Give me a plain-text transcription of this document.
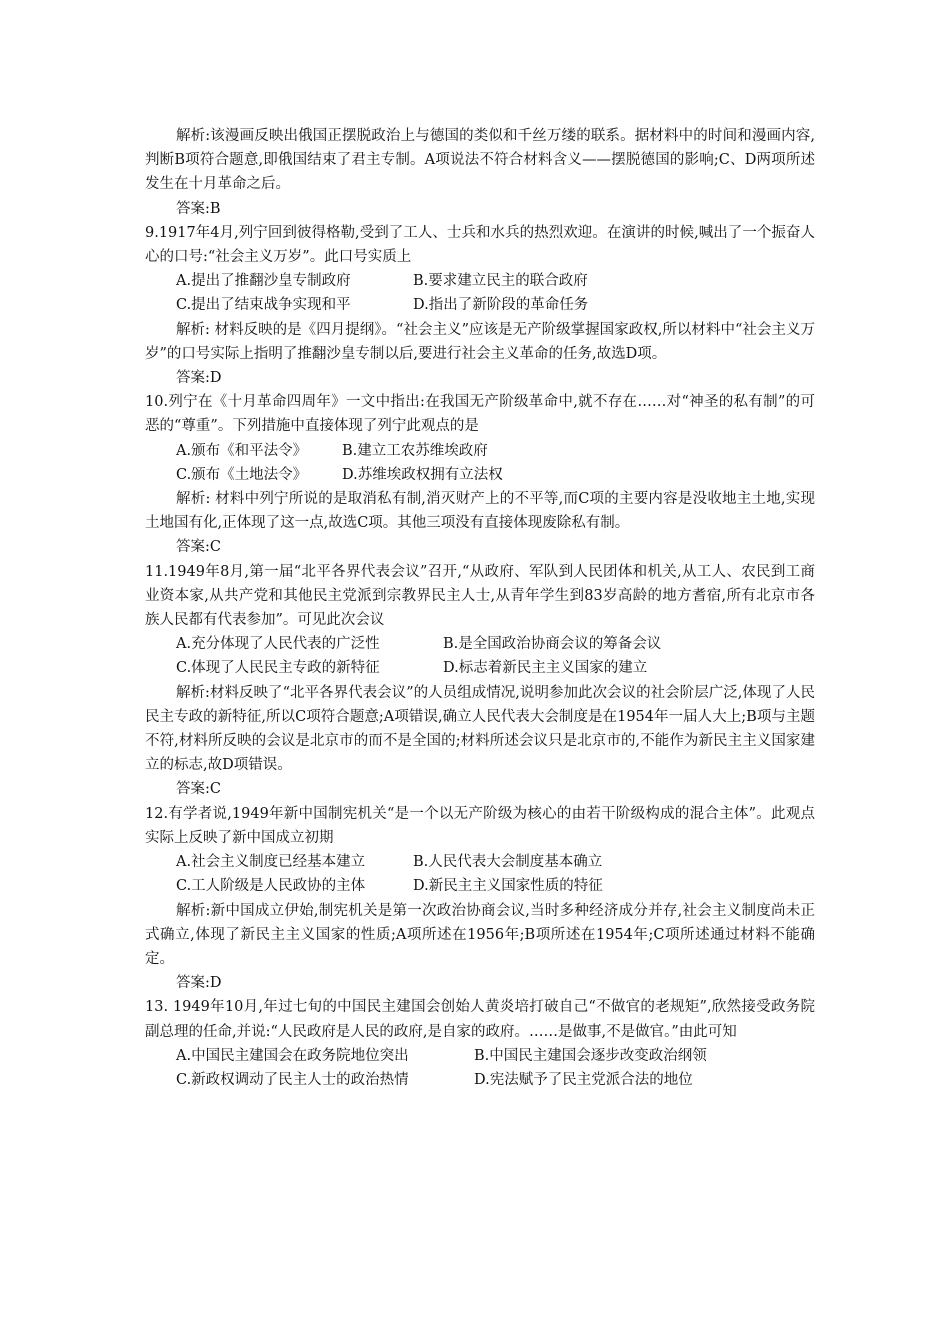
解析:该漫画反映出俄国正摆脱政治上与德国的类似和千丝万缕的联系。据材料中的时间和漫画内容,判断B项符合题意,即俄国结束了君主专制。A项说法不符合材料含义——摆脱德国的影响;C、D两项所述发生在十月革命之后。

答案:B

9.1917年4月,列宁回到彼得格勒,受到了工人、士兵和水兵的热烈欢迎。在演讲的时候,喊出了一个振奋人心的口号:“社会主义万岁”。此口号实质上

A.提出了推翻沙皇专制政府	B.要求建立民主的联合政府
C.提出了结束战争实现和平	D.指出了新阶段的革命任务

解析: 材料反映的是《四月提纲》。“社会主义”应该是无产阶级掌握国家政权,所以材料中“社会主义万岁”的口号实际上指明了推翻沙皇专制以后,要进行社会主义革命的任务,故选D项。

答案:D

10.列宁在《十月革命四周年》一文中指出:在我国无产阶级革命中,就不存在……对“神圣的私有制”的可恶的“尊重”。下列措施中直接体现了列宁此观点的是

A.颁布《和平法令》 B.建立工农苏维埃政府
C.颁布《土地法令》 D.苏维埃政权拥有立法权

解析: 材料中列宁所说的是取消私有制,消灭财产上的不平等,而C项的主要内容是没收地主土地,实现土地国有化,正体现了这一点,故选C项。其他三项没有直接体现废除私有制。

答案:C

11.1949年8月,第一届“北平各界代表会议”召开,“从政府、军队到人民团体和机关,从工人、农民到工商业资本家,从共产党和其他民主党派到宗教界民主人士,从青年学生到83岁高龄的地方耆宿,所有北京市各族人民都有代表参加”。可见此次会议

A.充分体现了人民代表的广泛性	B.是全国政治协商会议的筹备会议
C.体现了人民民主专政的新特征	D.标志着新民主主义国家的建立

解析:材料反映了“北平各界代表会议”的人员组成情况,说明参加此次会议的社会阶层广泛,体现了人民民主专政的新特征,所以C项符合题意;A项错误,确立人民代表大会制度是在1954年一届人大上;B项与主题不符,材料所反映的会议是北京市的而不是全国的;材料所述会议只是北京市的,不能作为新民主主义国家建立的标志,故D项错误。

答案:C

12.有学者说,1949年新中国制宪机关“是一个以无产阶级为核心的由若干阶级构成的混合主体”。此观点实际上反映了新中国成立初期

A.社会主义制度已经基本建立	B.人民代表大会制度基本确立
C.工人阶级是人民政协的主体	D.新民主主义国家性质的特征

解析:新中国成立伊始,制宪机关是第一次政治协商会议,当时多种经济成分并存,社会主义制度尚未正式确立,体现了新民主主义国家的性质;A项所述在1956年;B项所述在1954年;C项所述通过材料不能确定。

答案:D

13. 1949年10月,年过七旬的中国民主建国会创始人黄炎培打破自己“不做官的老规矩”,欣然接受政务院副总理的任命,并说:“人民政府是人民的政府,是自家的政府。……是做事,不是做官。”由此可知

A.中国民主建国会在政务院地位突出	B.中国民主建国会逐步改变政治纲领
C.新政权调动了民主人士的政治热情	D.宪法赋予了民主党派合法的地位
